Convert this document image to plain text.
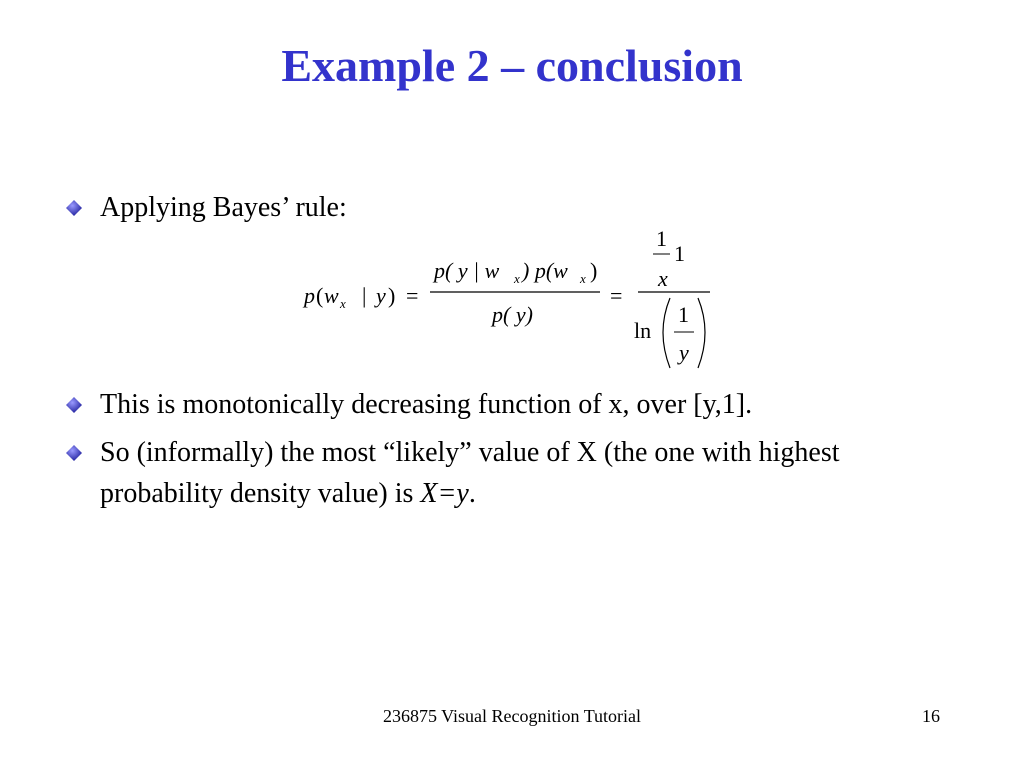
Example 2 – conclusion
Applying Bayes’ rule:
p ( w x | y ) =
p( y | w x ) p(w x )
p( y)
=
1
1
x
ln
1
y
This is monotonically decreasing function of x, over [y,1].
So (informally) the most “likely” value of X (the one with highest probability density value) is X=y.
236875 Visual Recognition Tutorial	16
